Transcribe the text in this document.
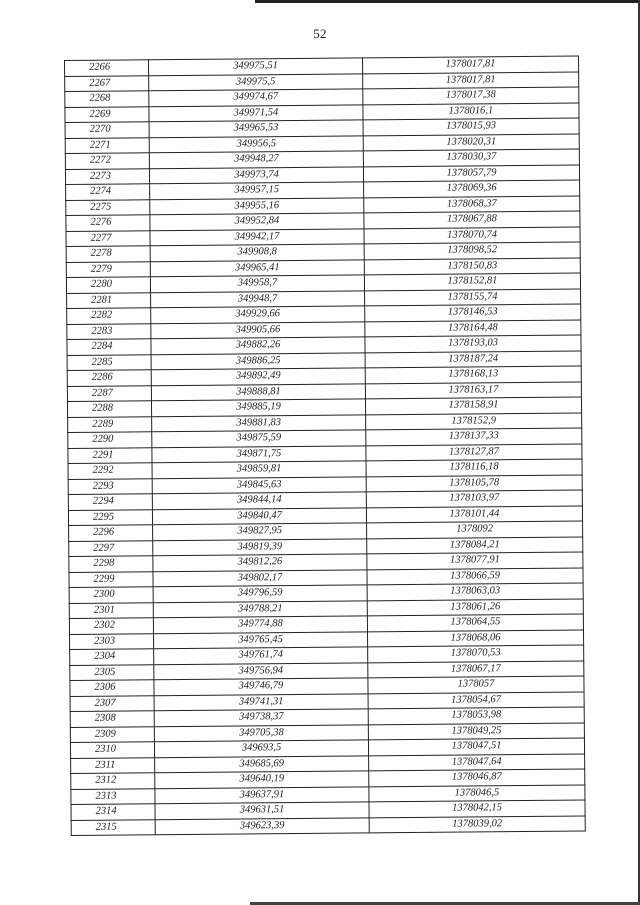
52
2266	349975,51	1378017,81
2267	349975,5	1378017,81
2268	349974,67	1378017,38
2269	349971,54	1378016,1
2270	349965,53	1378015,93
2271	349956,5	1378020,31
2272	349948,27	1378030,37
2273	349973,74	1378057,79
2274	349957,15	1378069,36
2275	349955,16	1378068,37
2276	349952,84	1378067,88
2277	349942,17	1378070,74
2278	349908,8	1378098,52
2279	349965,41	1378150,83
2280	349958,7	1378152,81
2281	349948,7	1378155,74
2282	349929,66	1378146,53
2283	349905,66	1378164,48
2284	349882,26	1378193,03
2285	349886,25	1378187,24
2286	349892,49	1378168,13
2287	349888,81	1378163,17
2288	349885,19	1378158,91
2289	349881,83	1378152,9
2290	349875,59	1378137,33
2291	349871,75	1378127,87
2292	349859,81	1378116,18
2293	349845,63	1378105,78
2294	349844,14	1378103,97
2295	349840,47	1378101,44
2296	349827,95	1378092
2297	349819,39	1378084,21
2298	349812,26	1378077,91
2299	349802,17	1378066,59
2300	349796,59	1378063,03
2301	349788,21	1378061,26
2302	349774,88	1378064,55
2303	349765,45	1378068,06
2304	349761,74	1378070,53
2305	349756,94	1378067,17
2306	349746,79	1378057
2307	349741,31	1378054,67
2308	349738,37	1378053,98
2309	349705,38	1378049,25
2310	349693,5	1378047,51
2311	349685,69	1378047,64
2312	349640,19	1378046,87
2313	349637,91	1378046,5
2314	349631,51	1378042,15
2315	349623,39	1378039,02
